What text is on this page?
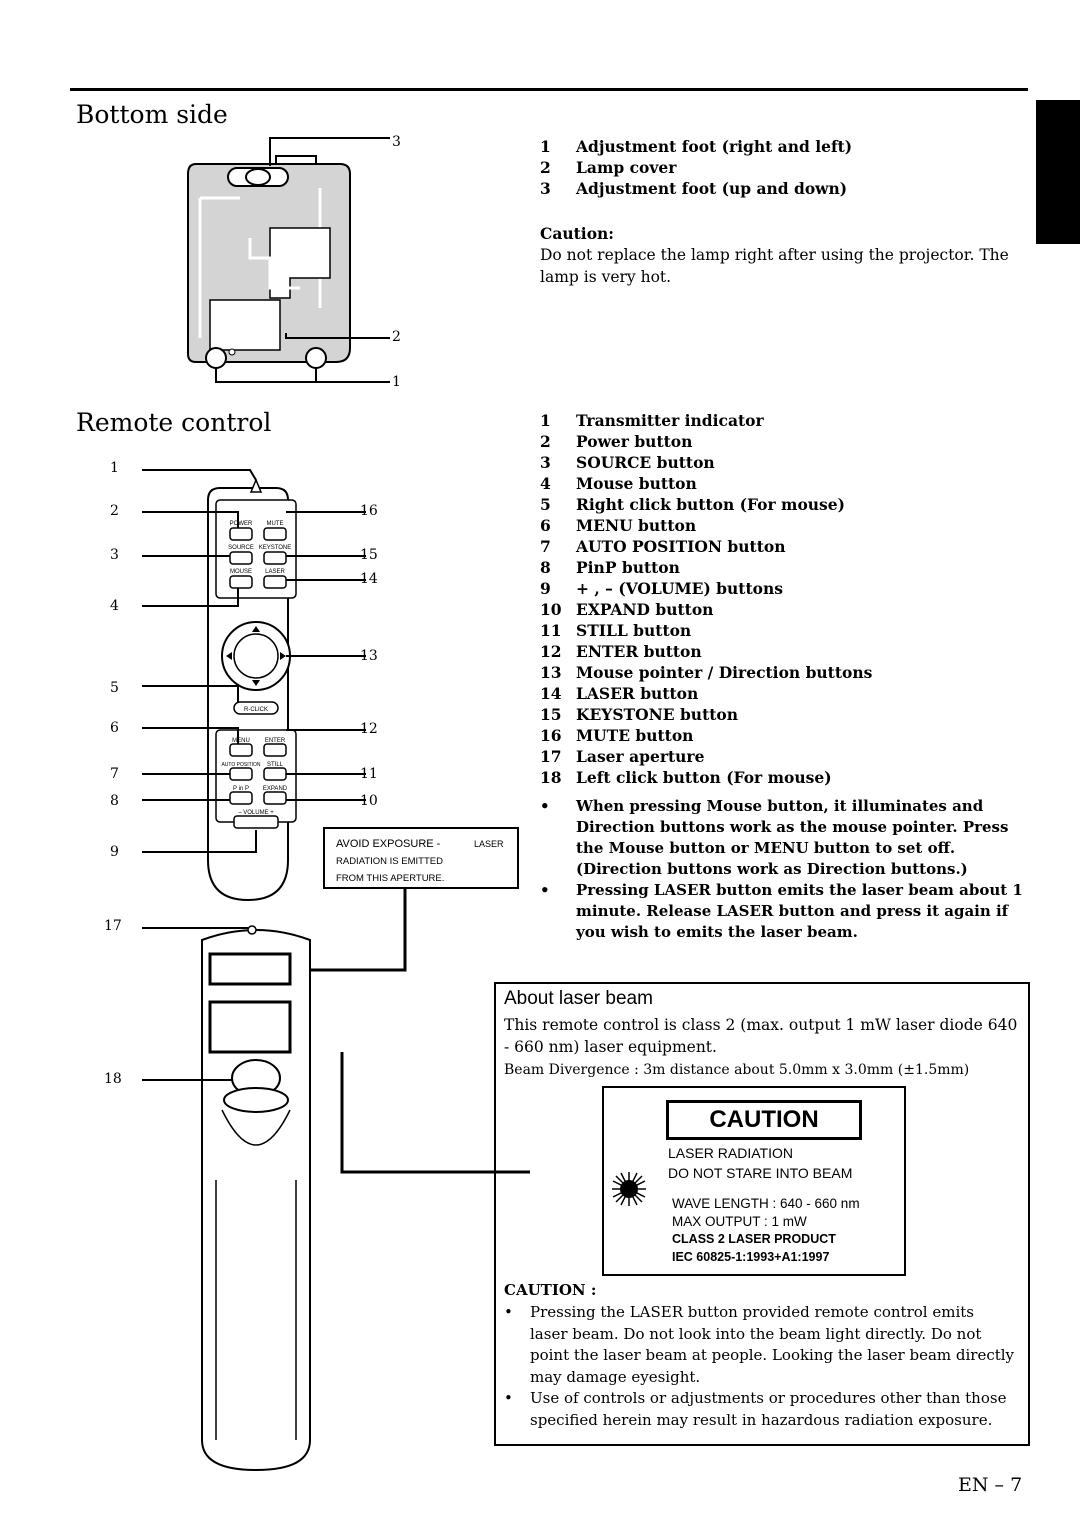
ENGLISH
Bottom side
3
2
1
1 Adjustment foot (right and left)
2 Lamp cover
3 Adjustment foot (up and down)
Caution:
Do not replace the lamp right after using the projector. The lamp is very hot.
Remote control
POWER MUTE
SOURCE KEYSTONE
MOUSE LASER
R-CLICK
MENU ENTER
AUTO POSITION STILL
P in P EXPAND
– VOLUME +
AVOID EXPOSURE -	LASER
RADIATION IS EMITTED
FROM THIS APERTURE.
1
2
3
4
5
6
7
8
9
17
18
16
15
14
13
12
11
10
1 Transmitter indicator
2 Power button
3 SOURCE button
4 Mouse button
5 Right click button (For mouse)
6 MENU button
7 AUTO POSITION button
8 PinP button
9 + , – (VOLUME) buttons
10 EXPAND button
11 STILL button
12 ENTER button
13 Mouse pointer / Direction buttons
14 LASER button
15 KEYSTONE button
16 MUTE button
17 Laser aperture
18 Left click button (For mouse)
• When pressing Mouse button, it illuminates and Direction buttons work as the mouse pointer. Press the Mouse button or MENU button to set off. (Direction buttons work as Direction buttons.)
• Pressing LASER button emits the laser beam about 1 minute. Release LASER button and press it again if you wish to emits the laser beam.
About laser beam
This remote control is class 2 (max. output 1 mW laser diode 640 - 660 nm) laser equipment.
Beam Divergence : 3m distance about 5.0mm x 3.0mm (±1.5mm)
CAUTION
LASER RADIATION
DO NOT STARE INTO BEAM
WAVE LENGTH : 640 - 660 nm
MAX OUTPUT : 1 mW
CLASS 2 LASER PRODUCT
IEC 60825-1:1993+A1:1997
CAUTION :
• Pressing the LASER button provided remote control emits laser beam. Do not look into the beam light directly. Do not point the laser beam at people. Looking the laser beam directly may damage eyesight.
• Use of controls or adjustments or procedures other than those specified herein may result in hazardous radiation exposure.
EN – 7
